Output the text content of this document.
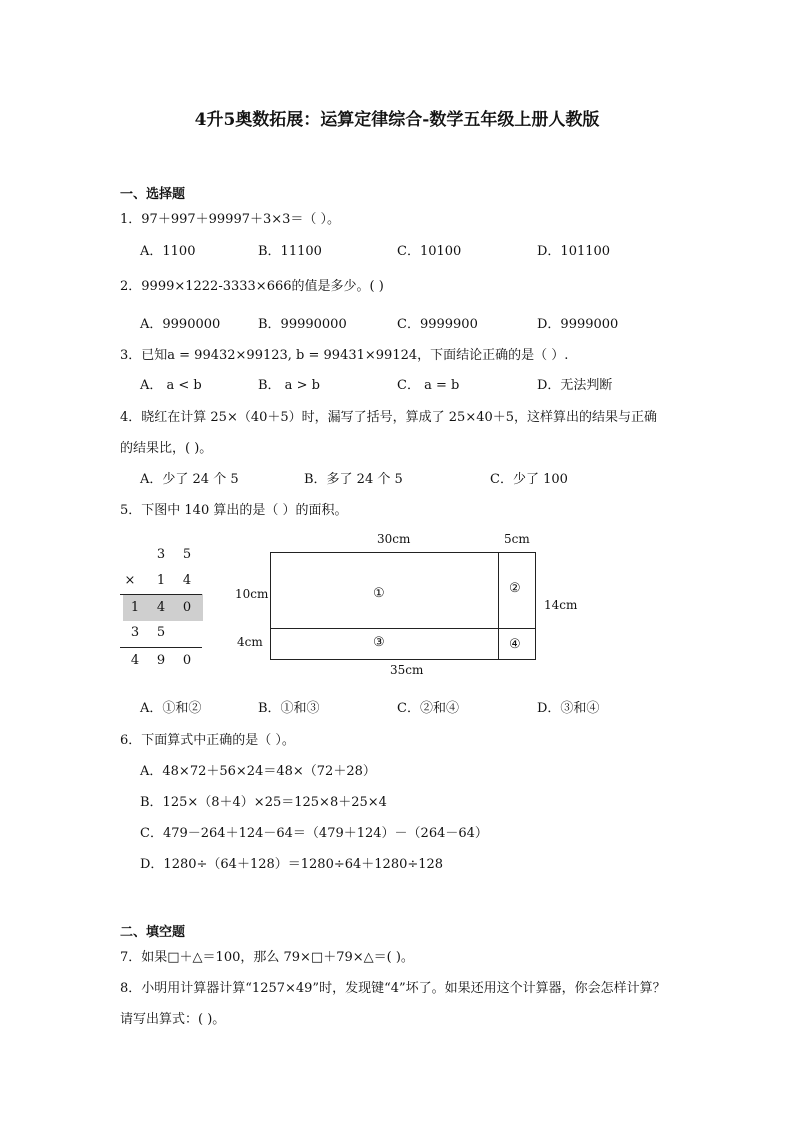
4升5奥数拓展：运算定律综合-数学五年级上册人教版
一、选择题
1．97＋997＋99997＋3×3＝（ ）。
A．1100	B．11100	C．10100	D．101100
2．9999×1222-3333×666的值是多少。( )
A．9990000	B．99990000	C．9999900	D．9999000
3．已知a = 99432×99123, b = 99431×99124，下面结论正确的是（ ）.
A． a < b	B． a > b	C． a = b	D．无法判断
4．晓红在计算 25×（40＋5）时，漏写了括号，算成了 25×40＋5，这样算出的结果与正确
的结果比，( )。
A．少了 24 个 5	B．多了 24 个 5	C．少了 100
5．下图中 140 算出的是（ ）的面积。
3	5
×	1	4
1	4	0
3	5
4	9	0
30cm	5cm
10cm
4cm
14cm
35cm
①	②
③	④
A．①和②	B．①和③	C．②和④	D．③和④
6．下面算式中正确的是（ ）。
A．48×72＋56×24＝48×（72＋28）
B．125×（8＋4）×25＝125×8＋25×4
C．479－264＋124－64＝（479＋124）－（264－64）
D．1280÷（64＋128）＝1280÷64＋1280÷128
二、填空题
7．如果□＋△＝100，那么 79×□＋79×△＝( )。
8．小明用计算器计算“1257×49”时，发现键“4”坏了。如果还用这个计算器，你会怎样计算？
请写出算式：( )。
